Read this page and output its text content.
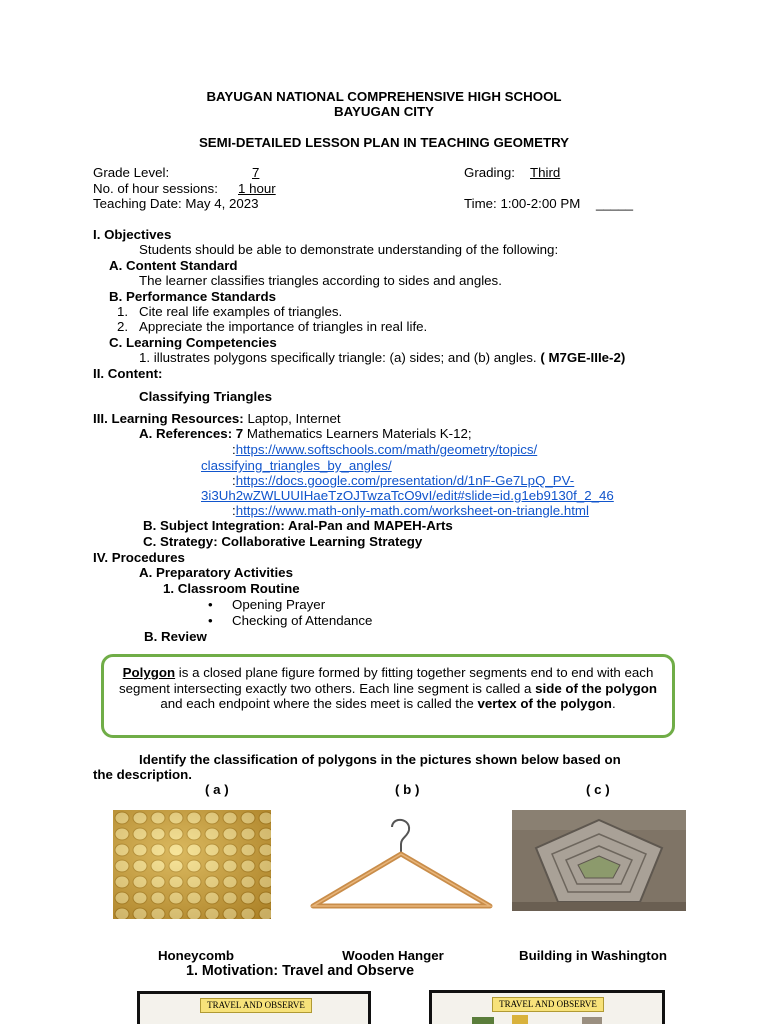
BAYUGAN NATIONAL COMPREHENSIVE HIGH SCHOOL
BAYUGAN CITY
SEMI-DETAILED LESSON PLAN IN TEACHING GEOMETRY
Grade Level:	7	Grading: Third
No. of hour sessions: 1 hour
Teaching Date: May 4, 2023	Time: 1:00-2:00 PM _____
I. Objectives
Students should be able to demonstrate understanding of the following:
A. Content Standard
The learner classifies triangles according to sides and angles.
B. Performance Standards
1. Cite real life examples of triangles.
2. Appreciate the importance of triangles in real life.
C. Learning Competencies
1. illustrates polygons specifically triangle: (a) sides; and (b) angles. ( M7GE-IIIe-2)
II. Content:
Classifying Triangles
III. Learning Resources: Laptop, Internet
A. References: 7 Mathematics Learners Materials K-12;
:https://www.softschools.com/math/geometry/topics/
classifying_triangles_by_angles/
:https://docs.google.com/presentation/d/1nF-Ge7LpQ_PV-
3i3Uh2wZWLUUIHaeTzOJTwzaTcO9vI/edit#slide=id.g1eb9130f_2_46
:https://www.math-only-math.com/worksheet-on-triangle.html
B. Subject Integration: Aral-Pan and MAPEH-Arts
C. Strategy: Collaborative Learning Strategy
IV. Procedures
A. Preparatory Activities
1. Classroom Routine
• Opening Prayer
• Checking of Attendance
B. Review
Polygon is a closed plane figure formed by fitting together segments end to end with each segment intersecting exactly two others. Each line segment is called a side of the polygon and each endpoint where the sides meet is called the vertex of the polygon.
Identify the classification of polygons in the pictures shown below based on
the description.
( a )	( b )	( c )
Honeycomb	Wooden Hanger	Building in Washington
1. Motivation: Travel and Observe
TRAVEL AND OBSERVE	TRAVEL AND OBSERVE
